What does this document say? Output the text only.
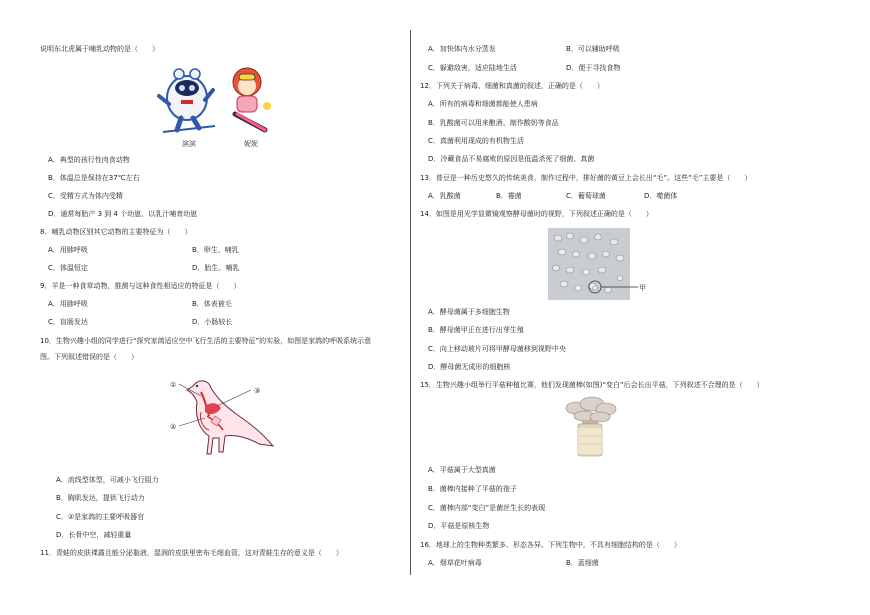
说明东北虎属于哺乳动物的是（　　）
滨滨	妮妮
A．典型的孩行性肉食动物
B．体温总是保持在37℃左右
C．受精方式为体内受精
D．通常每胎产 3 到 4 个幼崽，以乳汁哺育幼崽
8．哺乳动物区别其它动物的主要特征为（　　）
A．用肺呼吸	B．卵生、哺乳
C．体温恒定	D．胎生、哺乳
9．羊是一种食草动物，推测与这种食性相适应的特征是（　　）
A．用肺呼吸	B．体表被毛
C．盲肠发达	D．小肠较长
10．生物兴趣小组的同学进行“探究家鸽适应空中飞行生活的主要特征”的实验，如图是家鸽的呼吸系统示意
图。下列叙述错误的是（　　）
①
②
③
A．流线型体型，可减小飞行阻力
B．胸肌发达，提供飞行动力
C．②是家鸽的主要呼吸器官
D．长骨中空，减轻重量
11．青蛙的皮肤裸露且能分泌黏液，湿润的皮肤里密布毛细血管，这对青蛙生存的意义是（　　）
A．加快体内水分蒸发	B．可以辅助呼吸
C．躲避敌害，适应陆地生活	D．便于寻找食物
12．下列关于病毒、细菌和真菌的叙述，正确的是（　　）
A．所有的病毒和细菌都能使人患病
B．乳酸菌可以用来酿酒、制作酸奶等食品
C．真菌利用现成的有机物生活
D．冷藏食品不易腐败的原因是低温杀死了细菌、真菌
13．普豆是一种历史悠久的传统美食，制作过程中，排好菌的黄豆上会长出“毛”。这些“毛”主要是（　　）
A．乳酸菌	B．霉菌	C．葡萄球菌	D．噬菌体
14．如图是用光学显微镜观察酵母菌时的视野，下列叙述正确的是（　　）
甲
A．酵母菌属于多细胞生物
B．酵母菌甲正在进行出芽生殖
C．向上移动玻片可将甲酵母菌移到视野中央
D．酵母菌无成形的细胞核
15．生物兴趣小组举行平菇种植比赛，他们发现菌棒(如图)“变白”后会长出平菇，下列叙述不合理的是（　　）
A．平菇属于大型真菌
B．菌棒内接种了平菇的孢子
C．菌棒内部“变白”是菌丝生长的表现
D．平菇是原核生物
16．地球上的生物种类繁多、形态各异。下列生物中，不具有细胞结构的是（　　）
A．烟草花叶病毒	B．蓝细菌
